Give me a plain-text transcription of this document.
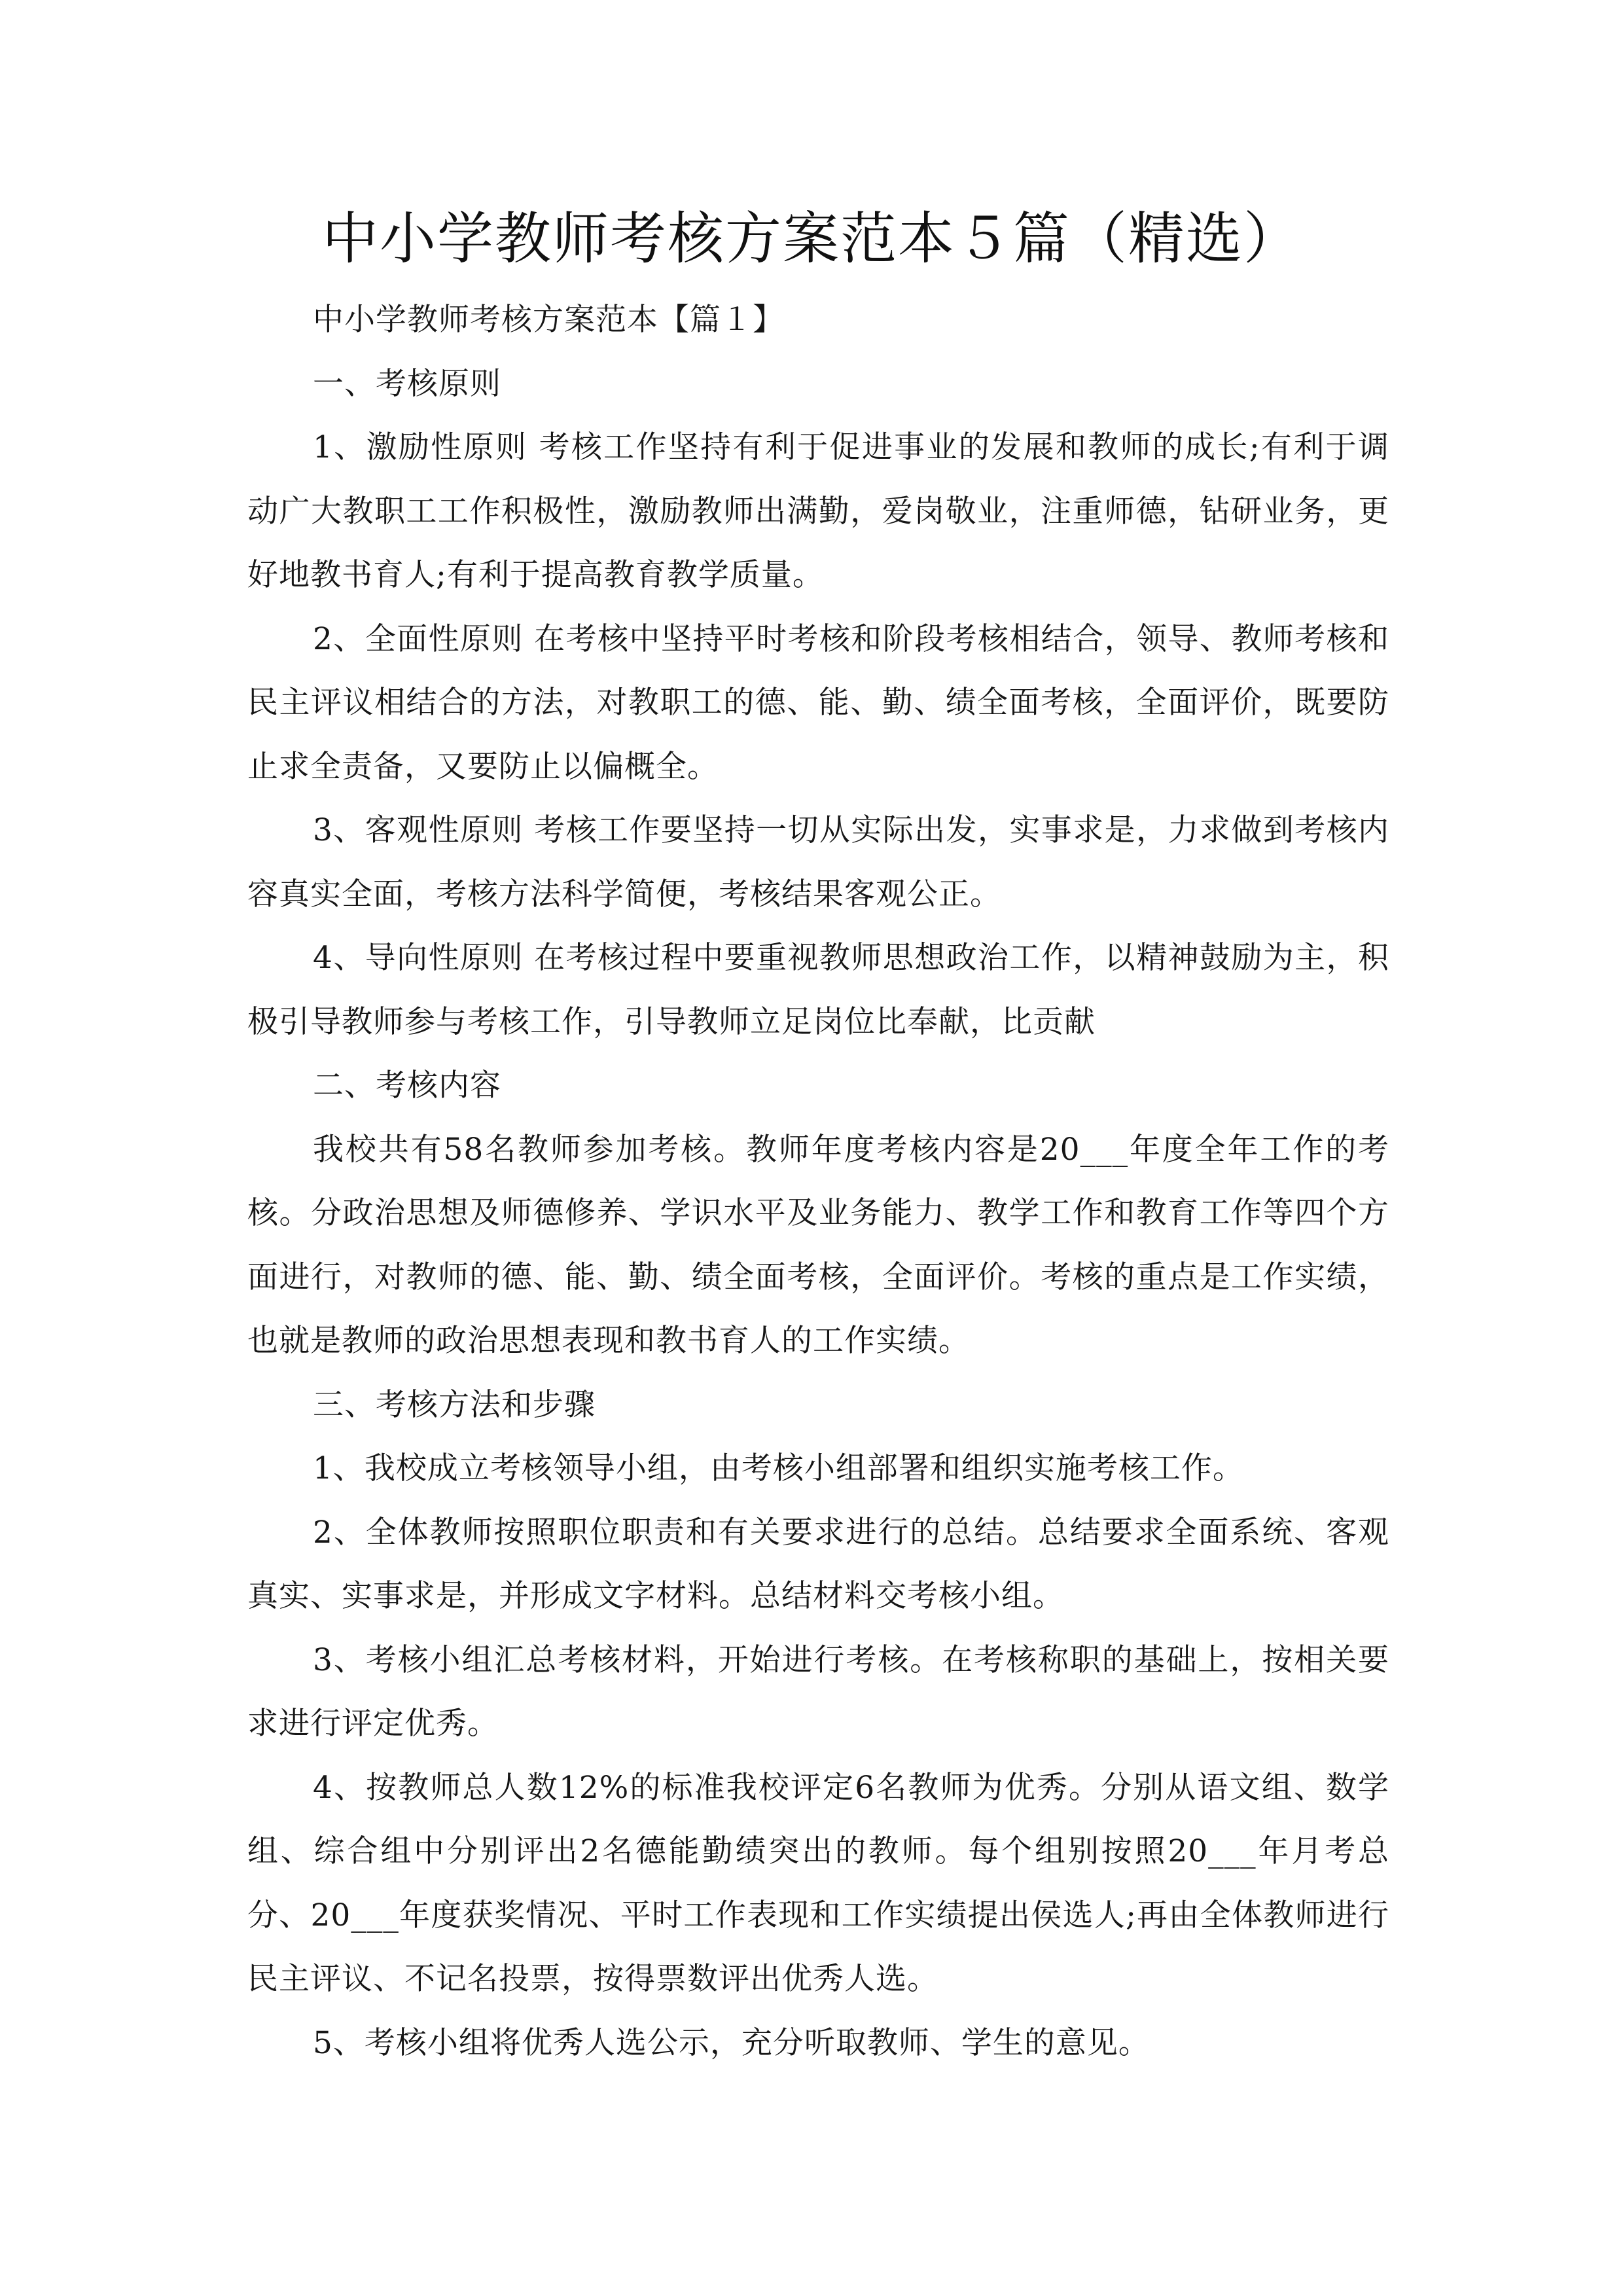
中小学教师考核方案范本５篇（精选）

中小学教师考核方案范本【篇１】

一、考核原则

1、激励性原则 考核工作坚持有利于促进事业的发展和教师的成长;有利于调动广大教职工工作积极性，激励教师出满勤，爱岗敬业，注重师德，钻研业务，更好地教书育人;有利于提高教育教学质量。

2、全面性原则 在考核中坚持平时考核和阶段考核相结合，领导、教师考核和民主评议相结合的方法，对教职工的德、能、勤、绩全面考核，全面评价，既要防止求全责备，又要防止以偏概全。

3、客观性原则 考核工作要坚持一切从实际出发，实事求是，力求做到考核内容真实全面，考核方法科学简便，考核结果客观公正。

4、导向性原则 在考核过程中要重视教师思想政治工作，以精神鼓励为主，积极引导教师参与考核工作，引导教师立足岗位比奉献，比贡献

二、考核内容

我校共有58名教师参加考核。教师年度考核内容是20___年度全年工作的考核。分政治思想及师德修养、学识水平及业务能力、教学工作和教育工作等四个方面进行，对教师的德、能、勤、绩全面考核，全面评价。考核的重点是工作实绩，也就是教师的政治思想表现和教书育人的工作实绩。

三、考核方法和步骤

1、我校成立考核领导小组，由考核小组部署和组织实施考核工作。

2、全体教师按照职位职责和有关要求进行的总结。总结要求全面系统、客观真实、实事求是，并形成文字材料。总结材料交考核小组。

3、考核小组汇总考核材料，开始进行考核。在考核称职的基础上，按相关要求进行评定优秀。

4、按教师总人数12%的标准我校评定6名教师为优秀。分别从语文组、数学组、综合组中分别评出2名德能勤绩突出的教师。每个组别按照20___年月考总分、20___年度获奖情况、平时工作表现和工作实绩提出侯选人;再由全体教师进行民主评议、不记名投票，按得票数评出优秀人选。

5、考核小组将优秀人选公示，充分听取教师、学生的意见。
